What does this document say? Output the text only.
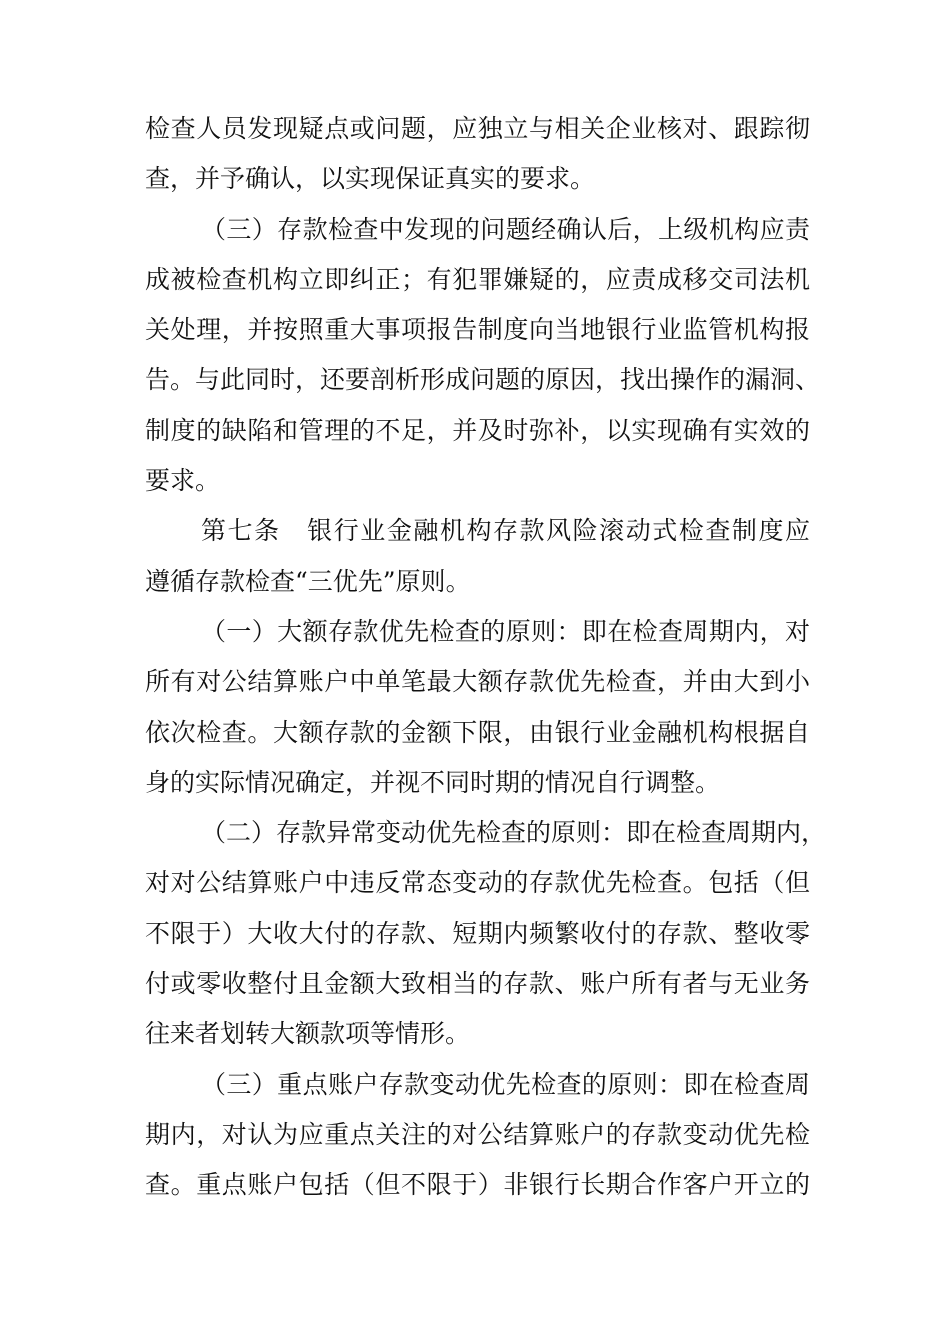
检查人员发现疑点或问题，应独立与相关企业核对、跟踪彻
查，并予确认，以实现保证真实的要求。
（三）存款检查中发现的问题经确认后，上级机构应责
成被检查机构立即纠正；有犯罪嫌疑的，应责成移交司法机
关处理，并按照重大事项报告制度向当地银行业监管机构报
告。与此同时，还要剖析形成问题的原因，找出操作的漏洞、
制度的缺陷和管理的不足，并及时弥补，以实现确有实效的
要求。
第七条　银行业金融机构存款风险滚动式检查制度应
遵循存款检查“三优先”原则。
（一）大额存款优先检查的原则：即在检查周期内，对
所有对公结算账户中单笔最大额存款优先检查，并由大到小
依次检查。大额存款的金额下限，由银行业金融机构根据自
身的实际情况确定，并视不同时期的情况自行调整。
（二）存款异常变动优先检查的原则：即在检查周期内，
对对公结算账户中违反常态变动的存款优先检查。包括（但
不限于）大收大付的存款、短期内频繁收付的存款、整收零
付或零收整付且金额大致相当的存款、账户所有者与无业务
往来者划转大额款项等情形。
（三）重点账户存款变动优先检查的原则：即在检查周
期内，对认为应重点关注的对公结算账户的存款变动优先检
查。重点账户包括（但不限于）非银行长期合作客户开立的
